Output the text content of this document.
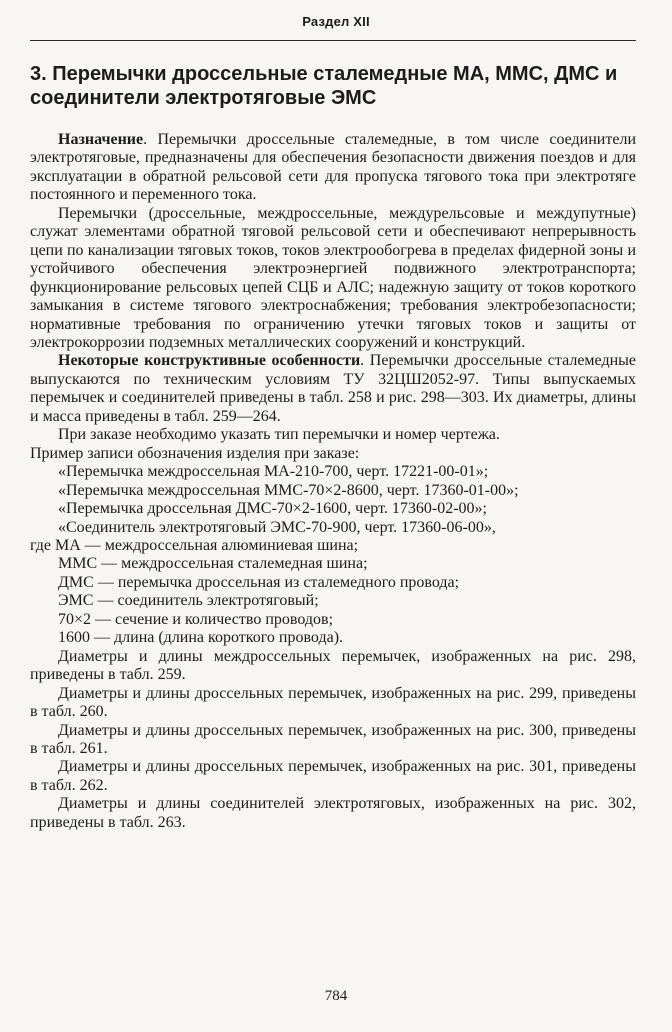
Раздел XII
3. Перемычки дроссельные сталемедные МА, ММС, ДМС и соединители электротяговые ЭМС

Назначение. Перемычки дроссельные сталемедные, в том числе соединители электротяговые, предназначены для обеспечения безопасности движения поездов и для эксплуатации в обратной рельсовой сети для пропуска тягового тока при электротяге постоянного и переменного тока.

Перемычки (дроссельные, междроссельные, междурельсовые и междупутные) служат элементами обратной тяговой рельсовой сети и обеспечивают непрерывность цепи по канализации тяговых токов, токов электрообогрева в пределах фидерной зоны и устойчивого обеспечения электроэнергией подвижного электротранспорта; функционирование рельсовых цепей СЦБ и АЛС; надежную защиту от токов короткого замыкания в системе тягового электроснабжения; требования электробезопасности; нормативные требования по ограничению утечки тяговых токов и защиты от электрокоррозии подземных металлических сооружений и конструкций.

Некоторые конструктивные особенности. Перемычки дроссельные сталемедные выпускаются по техническим условиям ТУ 32ЦШ2052-97. Типы выпускаемых перемычек и соединителей приведены в табл. 258 и рис. 298—303. Их диаметры, длины и масса приведены в табл. 259—264.

При заказе необходимо указать тип перемычки и номер чертежа.

Пример записи обозначения изделия при заказе:

«Перемычка междроссельная МА-210-700, черт. 17221-00-01»;

«Перемычка междроссельная ММС-70×2-8600, черт. 17360-01-00»;

«Перемычка дроссельная ДМС-70×2-1600, черт. 17360-02-00»;

«Соединитель электротяговый ЭМС-70-900, черт. 17360-06-00»,

где МА — междроссельная алюминиевая шина;

ММС — междроссельная сталемедная шина;

ДМС — перемычка дроссельная из сталемедного провода;

ЭМС — соединитель электротяговый;

70×2 — сечение и количество проводов;

1600 — длина (длина короткого провода).

Диаметры и длины междроссельных перемычек, изображенных на рис. 298, приведены в табл. 259.

Диаметры и длины дроссельных перемычек, изображенных на рис. 299, приведены в табл. 260.

Диаметры и длины дроссельных перемычек, изображенных на рис. 300, приведены в табл. 261.

Диаметры и длины дроссельных перемычек, изображенных на рис. 301, приведены в табл. 262.

Диаметры и длины соединителей электротяговых, изображенных на рис. 302, приведены в табл. 263.

784
